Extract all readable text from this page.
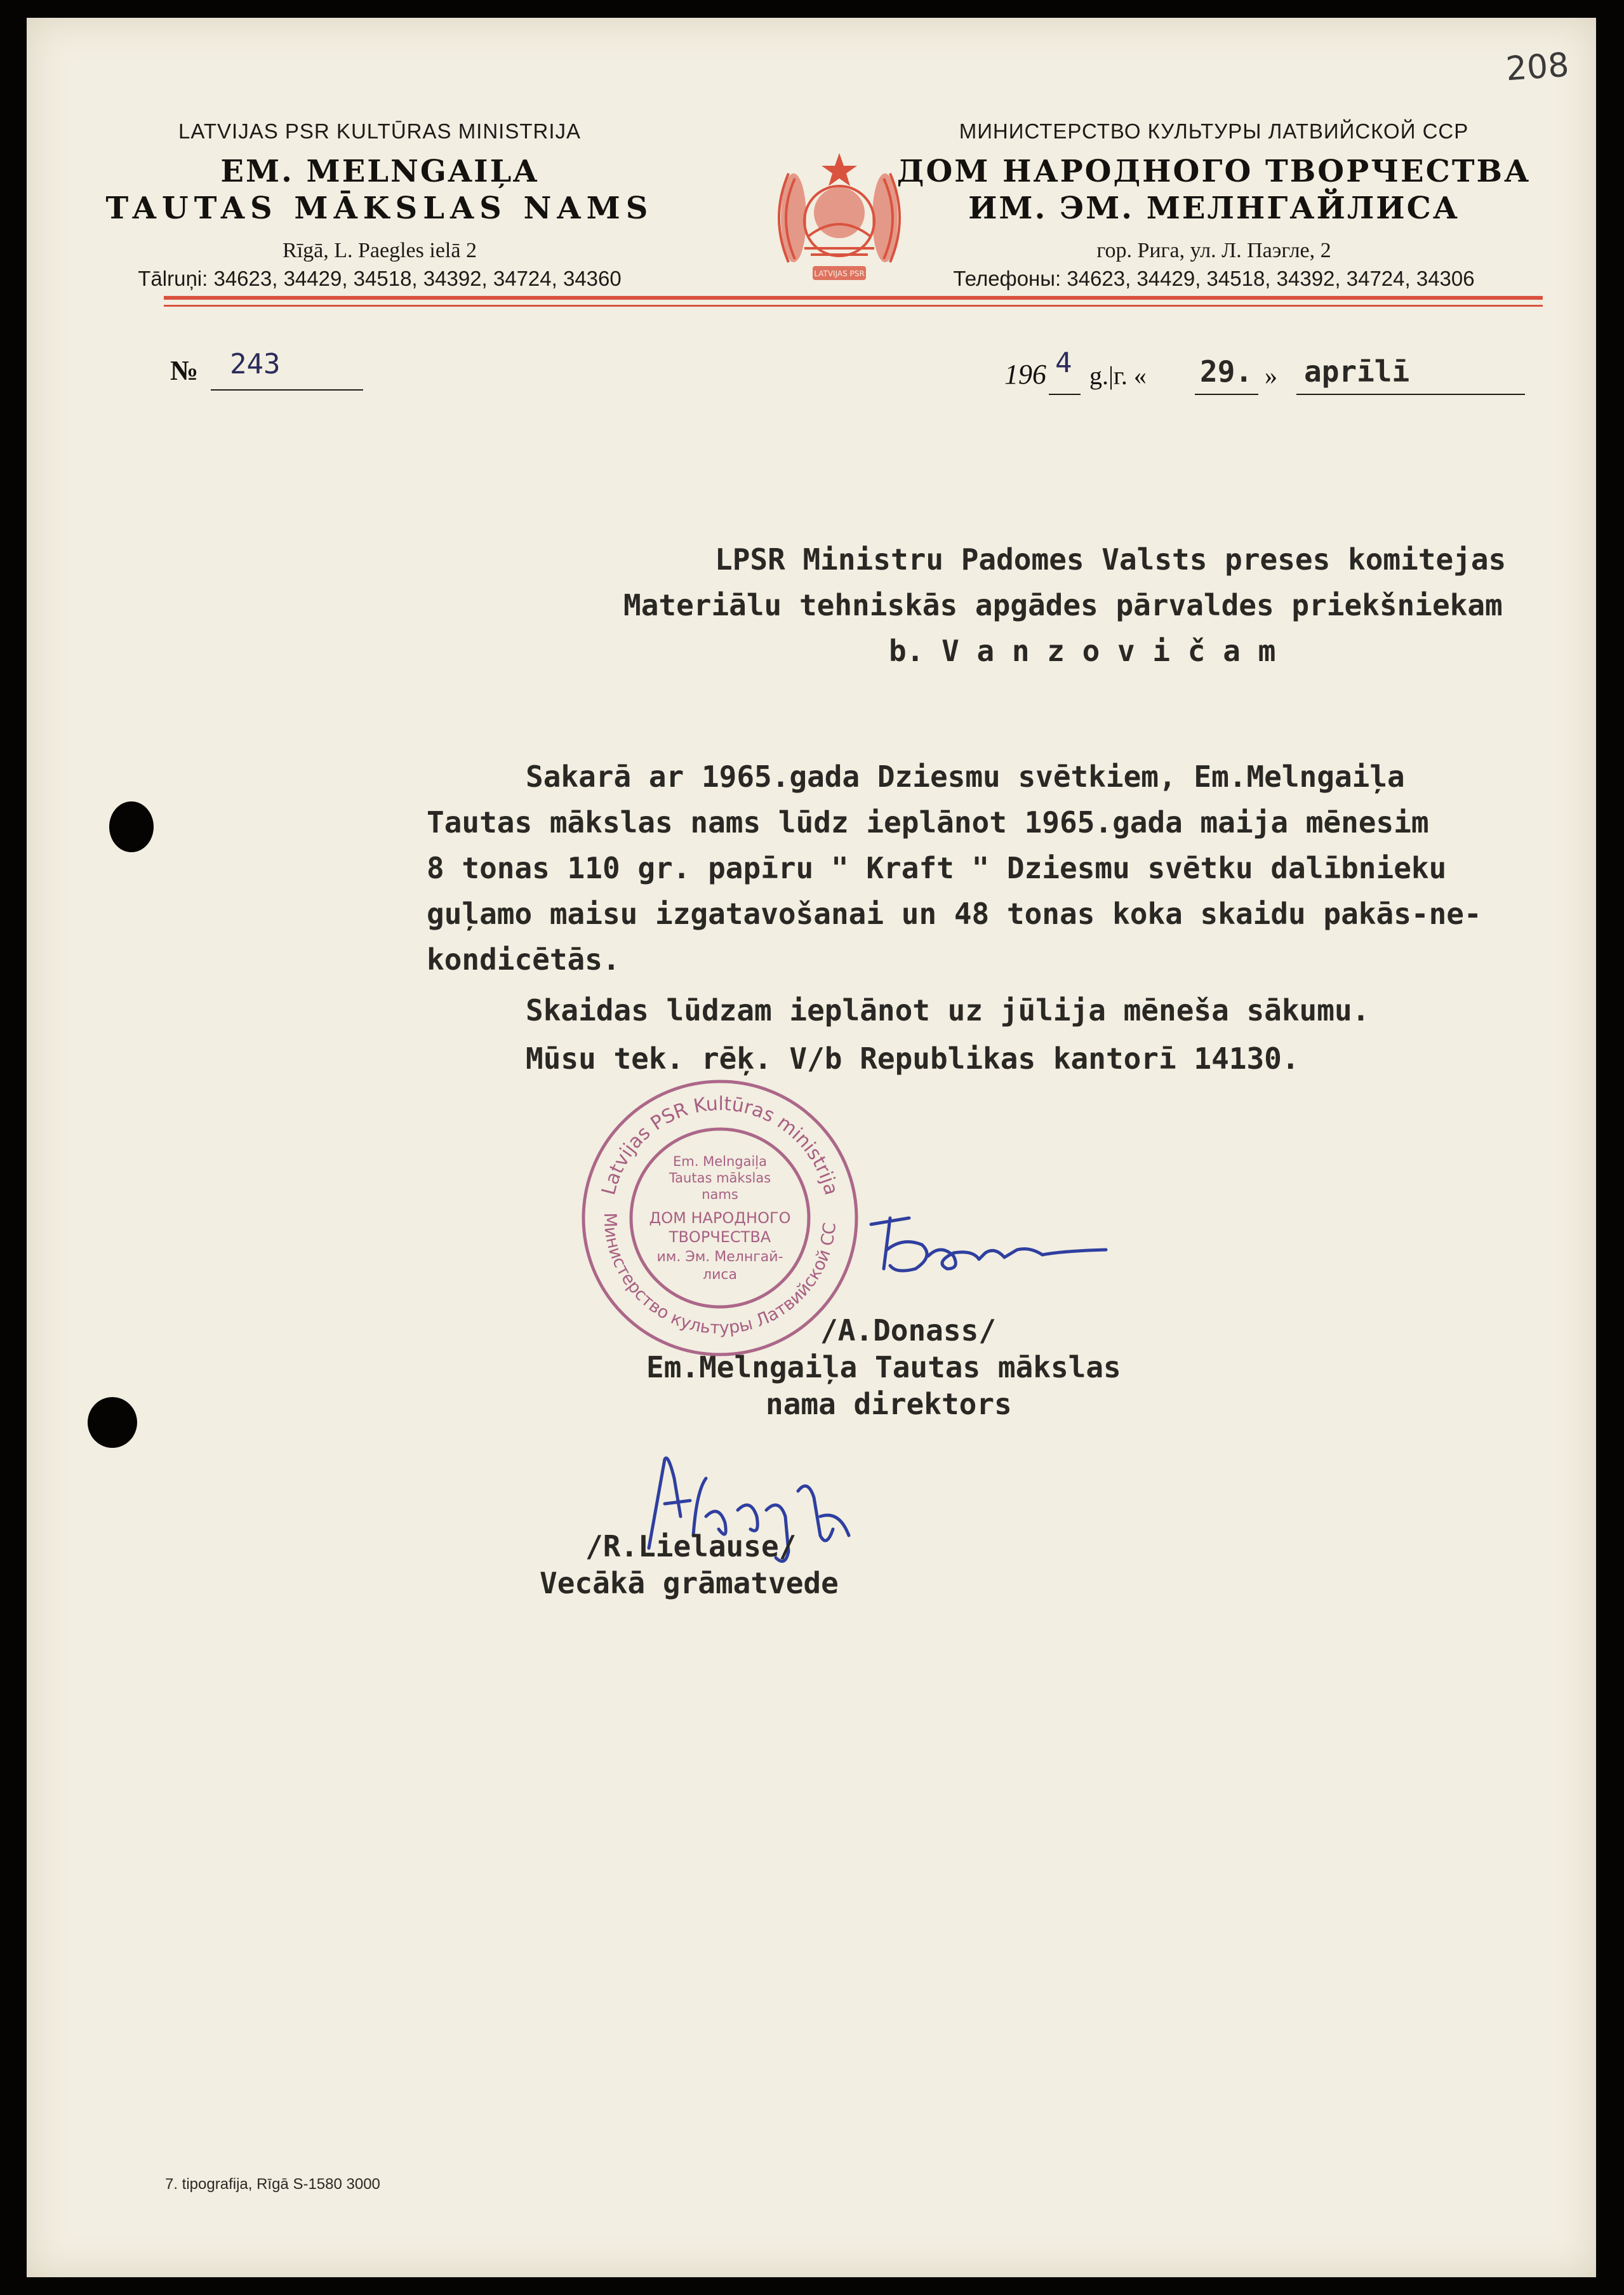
208
LATVIJAS PSR KULTŪRAS MINISTRIJA
EM. MELNGAIĻA
TAUTAS MĀKSLAS NAMS
Rīgā, L. Paegles ielā 2
Tālruņi: 34623, 34429, 34518, 34392, 34724, 34360	LATVIJAS PSR
МИНИСТЕРСТВО КУЛЬТУРЫ ЛАТВИЙСКОЙ ССР
ДОМ НАРОДНОГО ТВОРЧЕСТВА
ИМ. ЭМ. МЕЛНГАЙЛИСА
гор. Рига, ул. Л. Паэгле, 2
Телефоны: 34623, 34429, 34518, 34392, 34724, 34306
№ 243	196 4 g.|г. « 29. » aprīlī
LPSR Ministru Padomes Valsts preses komitejas
Materiālu tehniskās apgādes pārvaldes priekšniekam
b. V a n z o v i č a m
Sakarā ar 1965.gada Dziesmu svētkiem, Em.Melngaiļa
Tautas mākslas nams lūdz ieplānot 1965.gada maija mēnesim
8 tonas 110 gr. papīru " Kraft " Dziesmu svētku dalībnieku
guļamo maisu izgatavošanai un 48 tonas koka skaidu pakās-ne-
kondicētās.
Skaidas lūdzam ieplānot uz jūlija mēneša sākumu.
Mūsu tek. rēķ. V/b Republikas kantorī 14130.
Latvijas PSR Kultūras ministrija
Министерство культуры Латвийской СС
Em. Melngaiļa
Tautas mākslas
nams
ДОМ НАРОДНОГО
ТВОРЧЕСТВА
им. Эм. Мелнгай-
лиса
/A.Donass/
Em.Melngaiļa Tautas mākslas
nama direktors
/R.Lielause/
Vecākā grāmatvede
7. tipografija, Rīgā S-1580 3000
